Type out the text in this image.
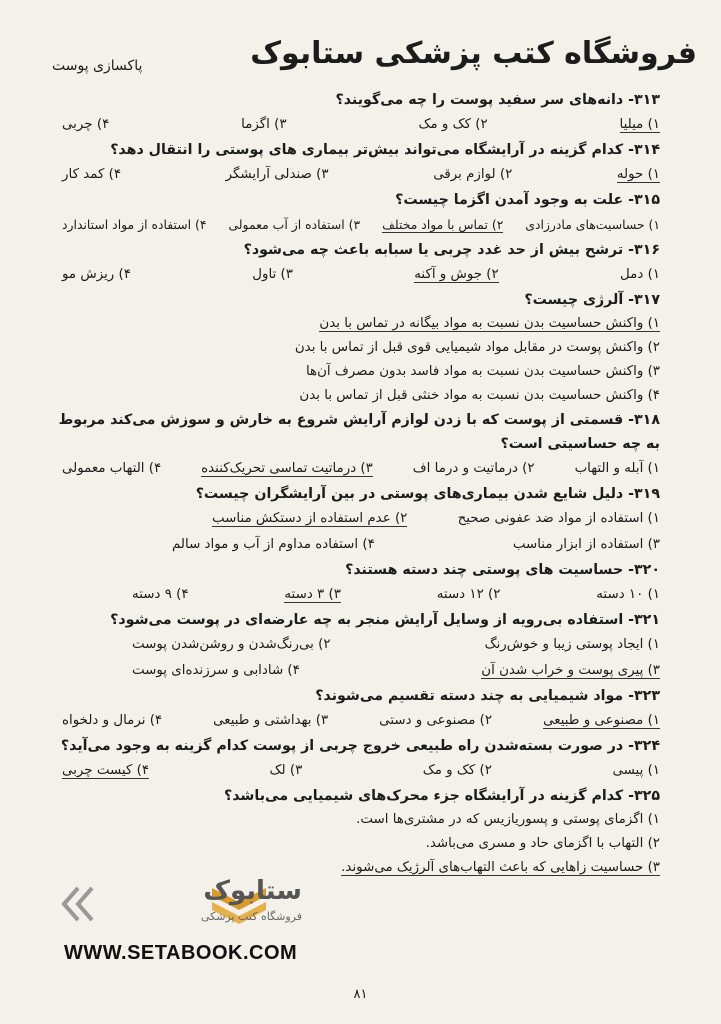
فروشگاه کتب پزشکی ستابوک
پاکسازی پوست
۳۱۳- دانه‌های سر سفید پوست را چه می‌گویند؟
۱) میلیا
۲) کک و مک
۳) اگزما
۴) چربی
۳۱۴- کدام گزینه در آرایشگاه می‌تواند بیش‌تر بیماری های پوستی را انتقال دهد؟
۱) حوله
۲) لوازم برقی
۳) صندلی آرایشگر
۴) کمد کار
۳۱۵- علت به وجود آمدن اگزما چیست؟
۱) حساسیت‌های مادرزادی
۲) تماس با مواد مختلف
۳) استفاده از آب معمولی
۴) استفاده از مواد استاندارد
۳۱۶- ترشح بیش از حد غدد چربی یا سبابه باعث چه می‌شود؟
۱) دمل
۲) جوش و آکنه
۳) تاول
۴) ریزش مو
۳۱۷- آلرژی چیست؟
۱) واکنش حساسیت بدن نسبت به مواد بیگانه در تماس با بدن
۲) واکنش پوست در مقابل مواد شیمیایی قوی قبل از تماس با بدن
۳) واکنش حساسیت بدن نسبت به مواد فاسد بدون مصرف آن‌ها
۴) واکنش حساسیت بدن نسبت به مواد خنثی قبل از تماس با بدن
۳۱۸- قسمتی از پوست که با زدن لوازم آرایش شروع به خارش و سوزش می‌کند مربوط به چه حساسیتی است؟
۱) آبله و التهاب
۲) درماتیت و درما اف
۳) درماتیت تماسی تحریک‌کننده
۴) التهاب معمولی
۳۱۹- دلیل شایع شدن بیماری‌های پوستی در بین آرایشگران چیست؟
۱) استفاده از مواد ضد عفونی صحیح
۲) عدم استفاده از دستکش مناسب
۳) استفاده از ابزار مناسب
۴) استفاده مداوم از آب و مواد سالم
۳۲۰- حساسیت های پوستی چند دسته هستند؟
۱) ۱۰ دسته
۲) ۱۲ دسته
۳) ۳ دسته
۴) ۹ دسته
۳۲۱- استفاده بی‌رویه از وسایل آرایش منجر به چه عارضه‌ای در پوست می‌شود؟
۱) ایجاد پوستی زیبا و خوش‌رنگ
۲) بی‌رنگ‌شدن و روشن‌شدن پوست
۳) پیری پوست و خراب شدن آن
۴) شادابی و سرزنده‌ای پوست
۳۲۳- مواد شیمیایی به چند دسته تقسیم می‌شوند؟
۱) مصنوعی و طبیعی
۲) مصنوعی و دستی
۳) بهداشتی و طبیعی
۴) نرمال و دلخواه
۳۲۴- در صورت بسته‌شدن راه طبیعی خروج چربی از پوست کدام گزینه به وجود می‌آید؟
۱) پیسی
۲) کک و مک
۳) لک
۴) کیست چربی
۳۲۵- کدام گزینه در آرایشگاه جزء محرک‌های شیمیایی می‌باشد؟
۱) اگزمای پوستی و پسوریازیس که در مشتری‌ها است.
۲) التهاب با اگزمای حاد و مسری می‌باشد.
۳) حساسیت زاهایی که باعث التهاب‌های آلرژیک می‌شوند.
ستابوک
فروشگاه کتب پزشکی
WWW.SETABOOK.COM
۸۱
